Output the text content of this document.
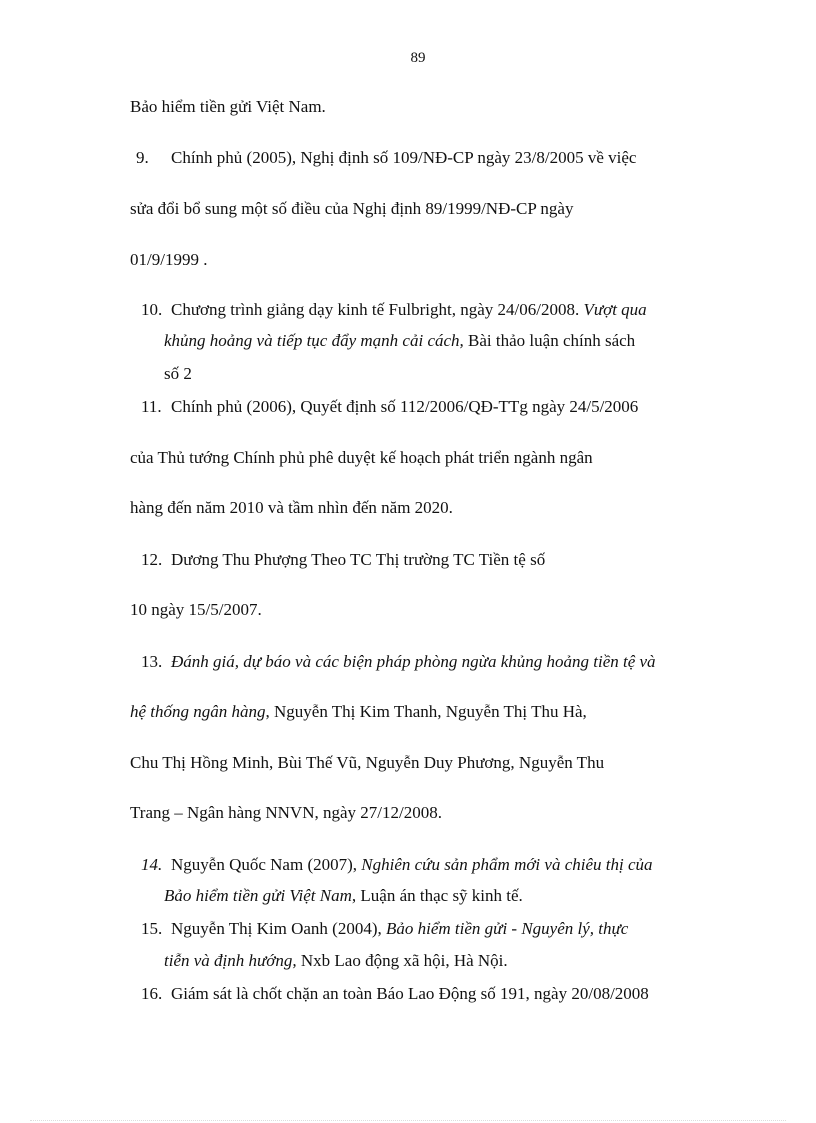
89
Bảo hiểm tiền gửi Việt Nam.
9. Chính phủ (2005), Nghị định số 109/NĐ-CP ngày 23/8/2005 về việc
sửa đổi bổ sung một số điều của Nghị định 89/1999/NĐ-CP ngày
01/9/1999 .
10. Chương trình giảng dạy kinh tế Fulbright, ngày 24/06/2008. Vượt qua
khủng hoảng và tiếp tục đẩy mạnh cải cách, Bài thảo luận chính sách
số 2
11. Chính phủ (2006), Quyết định số 112/2006/QĐ-TTg ngày 24/5/2006
của Thủ tướng Chính phủ phê duyệt kế hoạch phát triển ngành ngân
hàng đến năm 2010 và tầm nhìn đến năm 2020.
12. Dương Thu Phượng Theo TC Thị trường TC Tiền tệ số
10 ngày 15/5/2007.
13. Đánh giá, dự báo và các biện pháp phòng ngừa khủng hoảng tiền tệ và
hệ thống ngân hàng, Nguyễn Thị Kim Thanh, Nguyễn Thị Thu Hà,
Chu Thị Hồng Minh, Bùi Thế Vũ, Nguyễn Duy Phương, Nguyễn Thu
Trang – Ngân hàng NNVN, ngày 27/12/2008.
14. Nguyễn Quốc Nam (2007), Nghiên cứu sản phẩm mới và chiêu thị của
Bảo hiểm tiền gửi Việt Nam, Luận án thạc sỹ kinh tế.
15. Nguyễn Thị Kim Oanh (2004), Bảo hiểm tiền gửi - Nguyên lý, thực
tiễn và định hướng, Nxb Lao động xã hội, Hà Nội.
16. Giám sát là chốt chặn an toàn Báo Lao Động số 191, ngày 20/08/2008
